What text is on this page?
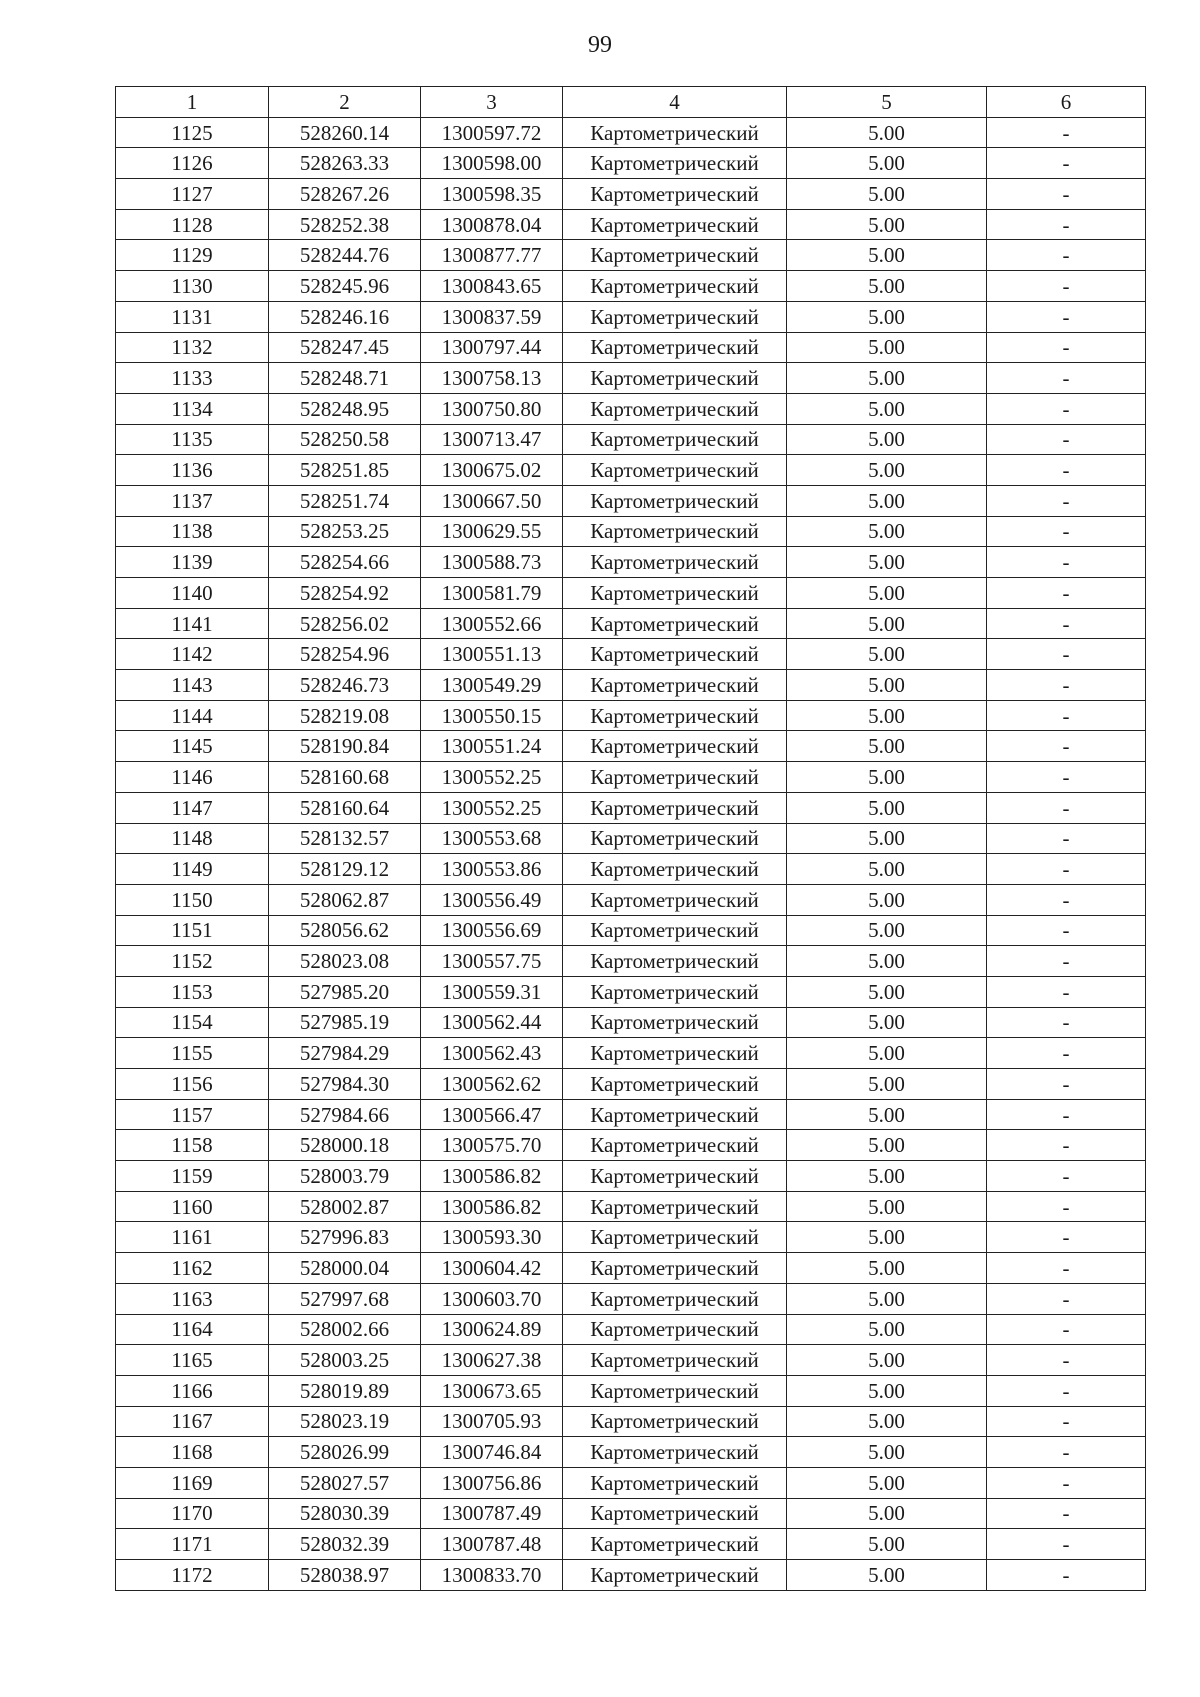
99
1	2	3	4	5	6
1125	528260.14	1300597.72	Картометрический	5.00	-
1126	528263.33	1300598.00	Картометрический	5.00	-
1127	528267.26	1300598.35	Картометрический	5.00	-
1128	528252.38	1300878.04	Картометрический	5.00	-
1129	528244.76	1300877.77	Картометрический	5.00	-
1130	528245.96	1300843.65	Картометрический	5.00	-
1131	528246.16	1300837.59	Картометрический	5.00	-
1132	528247.45	1300797.44	Картометрический	5.00	-
1133	528248.71	1300758.13	Картометрический	5.00	-
1134	528248.95	1300750.80	Картометрический	5.00	-
1135	528250.58	1300713.47	Картометрический	5.00	-
1136	528251.85	1300675.02	Картометрический	5.00	-
1137	528251.74	1300667.50	Картометрический	5.00	-
1138	528253.25	1300629.55	Картометрический	5.00	-
1139	528254.66	1300588.73	Картометрический	5.00	-
1140	528254.92	1300581.79	Картометрический	5.00	-
1141	528256.02	1300552.66	Картометрический	5.00	-
1142	528254.96	1300551.13	Картометрический	5.00	-
1143	528246.73	1300549.29	Картометрический	5.00	-
1144	528219.08	1300550.15	Картометрический	5.00	-
1145	528190.84	1300551.24	Картометрический	5.00	-
1146	528160.68	1300552.25	Картометрический	5.00	-
1147	528160.64	1300552.25	Картометрический	5.00	-
1148	528132.57	1300553.68	Картометрический	5.00	-
1149	528129.12	1300553.86	Картометрический	5.00	-
1150	528062.87	1300556.49	Картометрический	5.00	-
1151	528056.62	1300556.69	Картометрический	5.00	-
1152	528023.08	1300557.75	Картометрический	5.00	-
1153	527985.20	1300559.31	Картометрический	5.00	-
1154	527985.19	1300562.44	Картометрический	5.00	-
1155	527984.29	1300562.43	Картометрический	5.00	-
1156	527984.30	1300562.62	Картометрический	5.00	-
1157	527984.66	1300566.47	Картометрический	5.00	-
1158	528000.18	1300575.70	Картометрический	5.00	-
1159	528003.79	1300586.82	Картометрический	5.00	-
1160	528002.87	1300586.82	Картометрический	5.00	-
1161	527996.83	1300593.30	Картометрический	5.00	-
1162	528000.04	1300604.42	Картометрический	5.00	-
1163	527997.68	1300603.70	Картометрический	5.00	-
1164	528002.66	1300624.89	Картометрический	5.00	-
1165	528003.25	1300627.38	Картометрический	5.00	-
1166	528019.89	1300673.65	Картометрический	5.00	-
1167	528023.19	1300705.93	Картометрический	5.00	-
1168	528026.99	1300746.84	Картометрический	5.00	-
1169	528027.57	1300756.86	Картометрический	5.00	-
1170	528030.39	1300787.49	Картометрический	5.00	-
1171	528032.39	1300787.48	Картометрический	5.00	-
1172	528038.97	1300833.70	Картометрический	5.00	-
